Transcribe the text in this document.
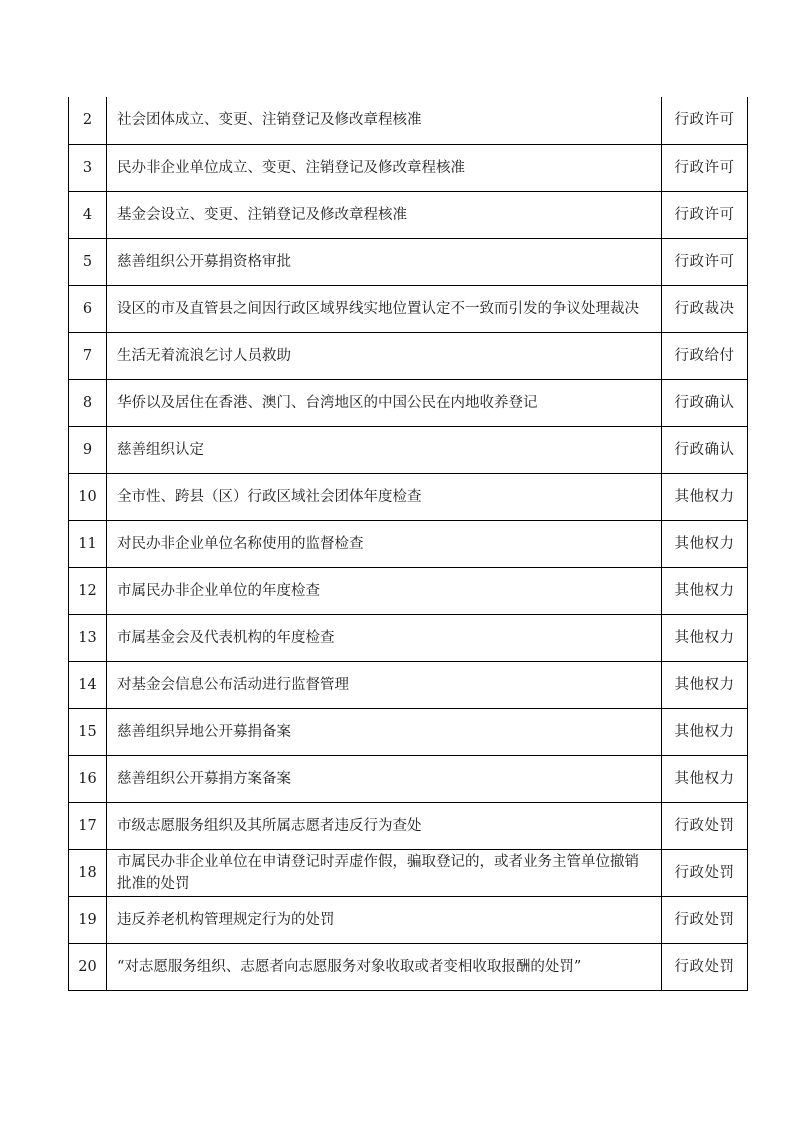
2	社会团体成立、变更、注销登记及修改章程核准	行政许可
3	民办非企业单位成立、变更、注销登记及修改章程核准	行政许可
4	基金会设立、变更、注销登记及修改章程核准	行政许可
5	慈善组织公开募捐资格审批	行政许可
6	设区的市及直管县之间因行政区域界线实地位置认定不一致而引发的争议处理裁决	行政裁决
7	生活无着流浪乞讨人员救助	行政给付
8	华侨以及居住在香港、澳门、台湾地区的中国公民在内地收养登记	行政确认
9	慈善组织认定	行政确认
10	全市性、跨县（区）行政区域社会团体年度检查	其他权力
11	对民办非企业单位名称使用的监督检查	其他权力
12	市属民办非企业单位的年度检查	其他权力
13	市属基金会及代表机构的年度检查	其他权力
14	对基金会信息公布活动进行监督管理	其他权力
15	慈善组织异地公开募捐备案	其他权力
16	慈善组织公开募捐方案备案	其他权力
17	市级志愿服务组织及其所属志愿者违反行为查处	行政处罚
18	市属民办非企业单位在申请登记时弄虚作假，骗取登记的，或者业务主管单位撤销批准的处罚	行政处罚
19	违反养老机构管理规定行为的处罚	行政处罚
20	“对志愿服务组织、志愿者向志愿服务对象收取或者变相收取报酬的处罚”	行政处罚
